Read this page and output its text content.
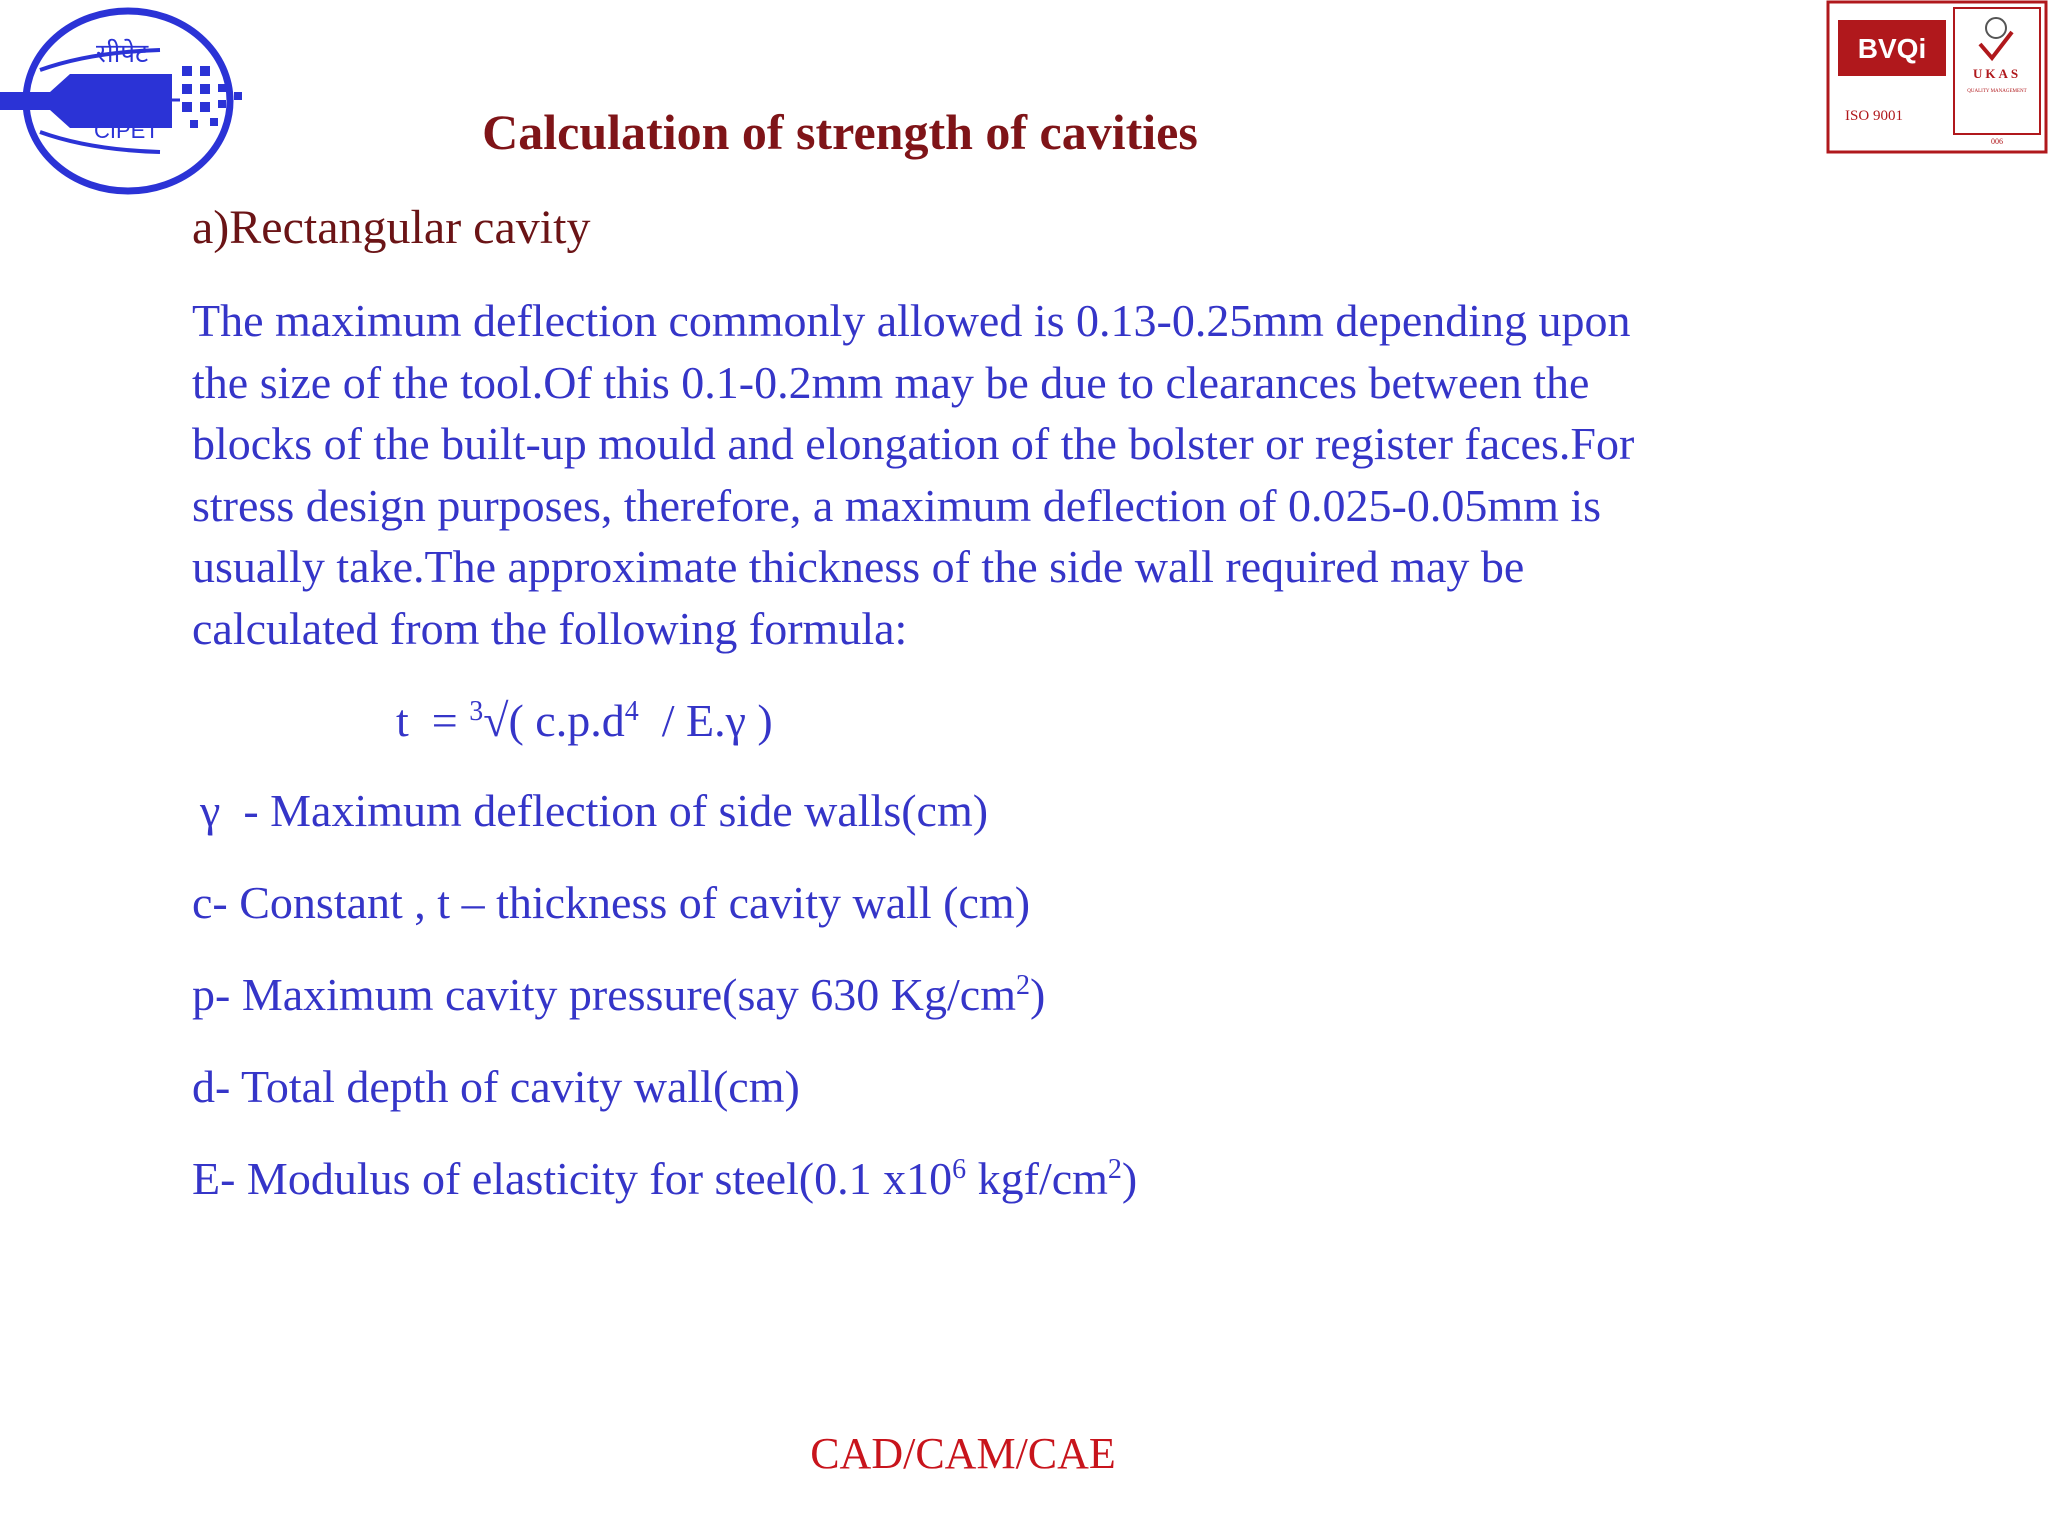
सीपेट
CIPET
BVQi
ISO 9001
UKAS
QUALITY MANAGEMENT
006
Calculation of strength of cavities
a)Rectangular cavity
The maximum deflection commonly allowed is 0.13-0.25mm depending upon
the size of the tool.Of this 0.1-0.2mm may be due to clearances between the
blocks of the built-up mould and elongation of the bolster or register faces.For
stress design purposes, therefore, a maximum deflection of 0.025-0.05mm is
usually take.The approximate thickness of the side wall required may be
calculated from the following formula:
t  = $^3$√( $c.p.d^4 / E.\gamma$ )
γ  - Maximum deflection of side walls(cm)
c- Constant , t – thickness of cavity wall (cm)
p- Maximum cavity pressure(say 630 $Kg/cm^2$)
d- Total depth of cavity wall(cm)
E- Modulus of elasticity for steel(0.1 $x10^6$ kgf/$cm^2$)
CAD/CAM/CAE
